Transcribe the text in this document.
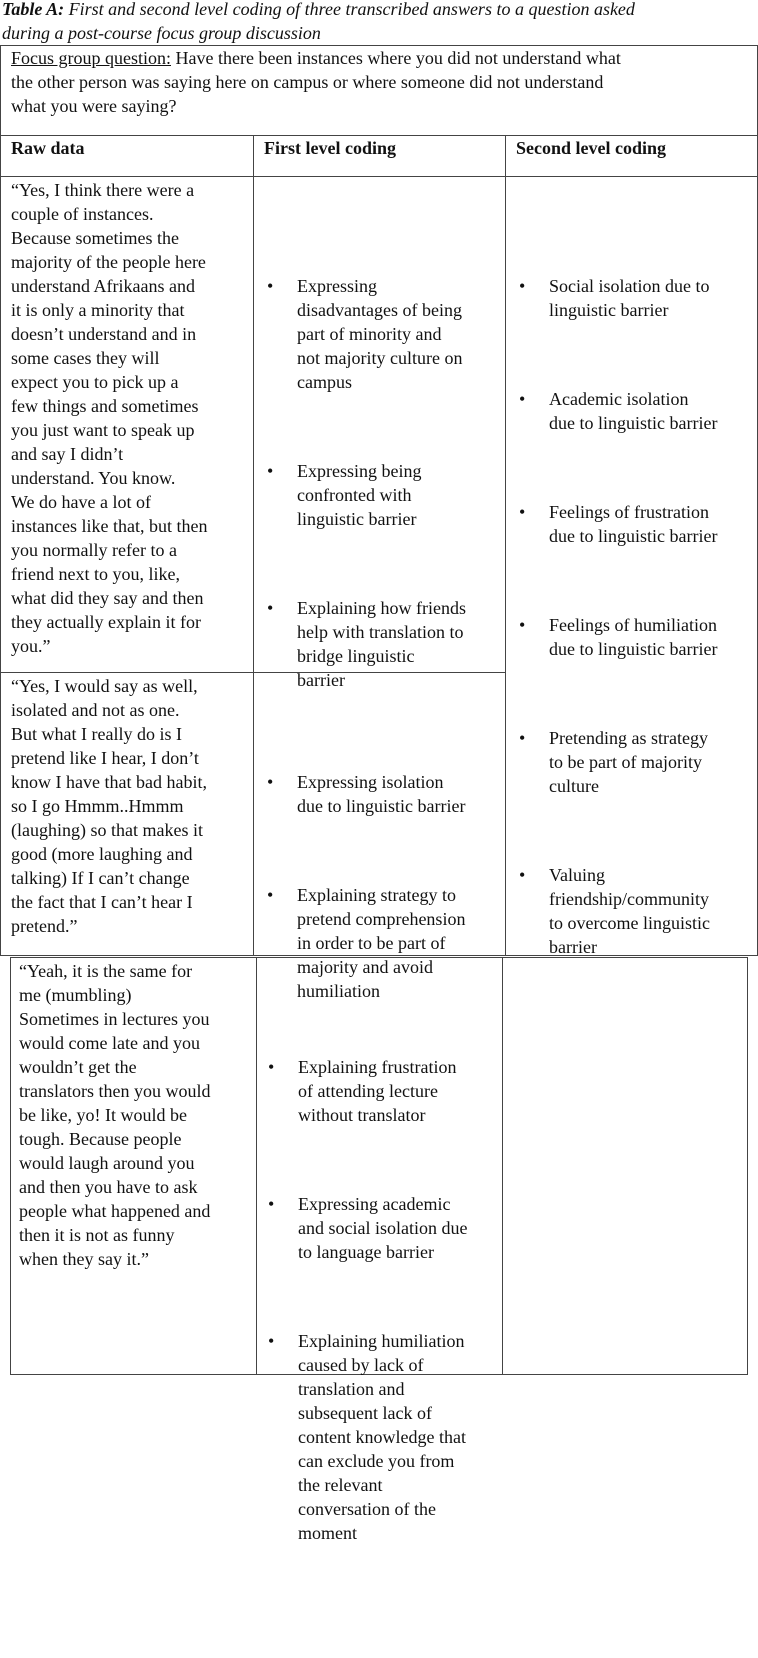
Table A: First and second level coding of three transcribed answers to a question asked
during a post-course focus group discussion
Focus group question: Have there been instances where you did not understand what
the other person was saying here on campus or where someone did not understand
what you were saying?
Raw data	First level coding	Second level coding
“Yes, I think there were a
couple of instances.
Because sometimes the
majority of the people here
understand Afrikaans and
it is only a minority that
doesn’t understand and in
some cases they will
expect you to pick up a
few things and sometimes
you just want to speak up
and say I didn’t
understand. You know.
We do have a lot of
instances like that, but then
you normally refer to a
friend next to you, like,
what did they say and then
they actually explain it for
you.”

• Expressing
disadvantages of being
part of minority and
not majority culture on
campus

• Expressing being
confronted with
linguistic barrier

• Explaining how friends
help with translation to
bridge linguistic
barrier

• Social isolation due to
linguistic barrier

• Academic isolation
due to linguistic barrier

• Feelings of frustration
due to linguistic barrier

• Feelings of humiliation
due to linguistic barrier

• Pretending as strategy
to be part of majority
culture

• Valuing
friendship/community
to overcome linguistic
barrier

“Yes, I would say as well,
isolated and not as one.
But what I really do is I
pretend like I hear, I don’t
know I have that bad habit,
so I go Hmmm..Hmmm
(laughing) so that makes it
good (more laughing and
talking) If I can’t change
the fact that I can’t hear I
pretend.”

• Expressing isolation
due to linguistic barrier

• Explaining strategy to
pretend comprehension
in order to be part of
majority and avoid
humiliation

“Yeah, it is the same for
me (mumbling)
Sometimes in lectures you
would come late and you
wouldn’t get the
translators then you would
be like, yo! It would be
tough. Because people
would laugh around you
and then you have to ask
people what happened and
then it is not as funny
when they say it.”

• Explaining frustration
of attending lecture
without translator

• Expressing academic
and social isolation due
to language barrier

• Explaining humiliation
caused by lack of
translation and
subsequent lack of
content knowledge that
can exclude you from
the relevant
conversation of the
moment
